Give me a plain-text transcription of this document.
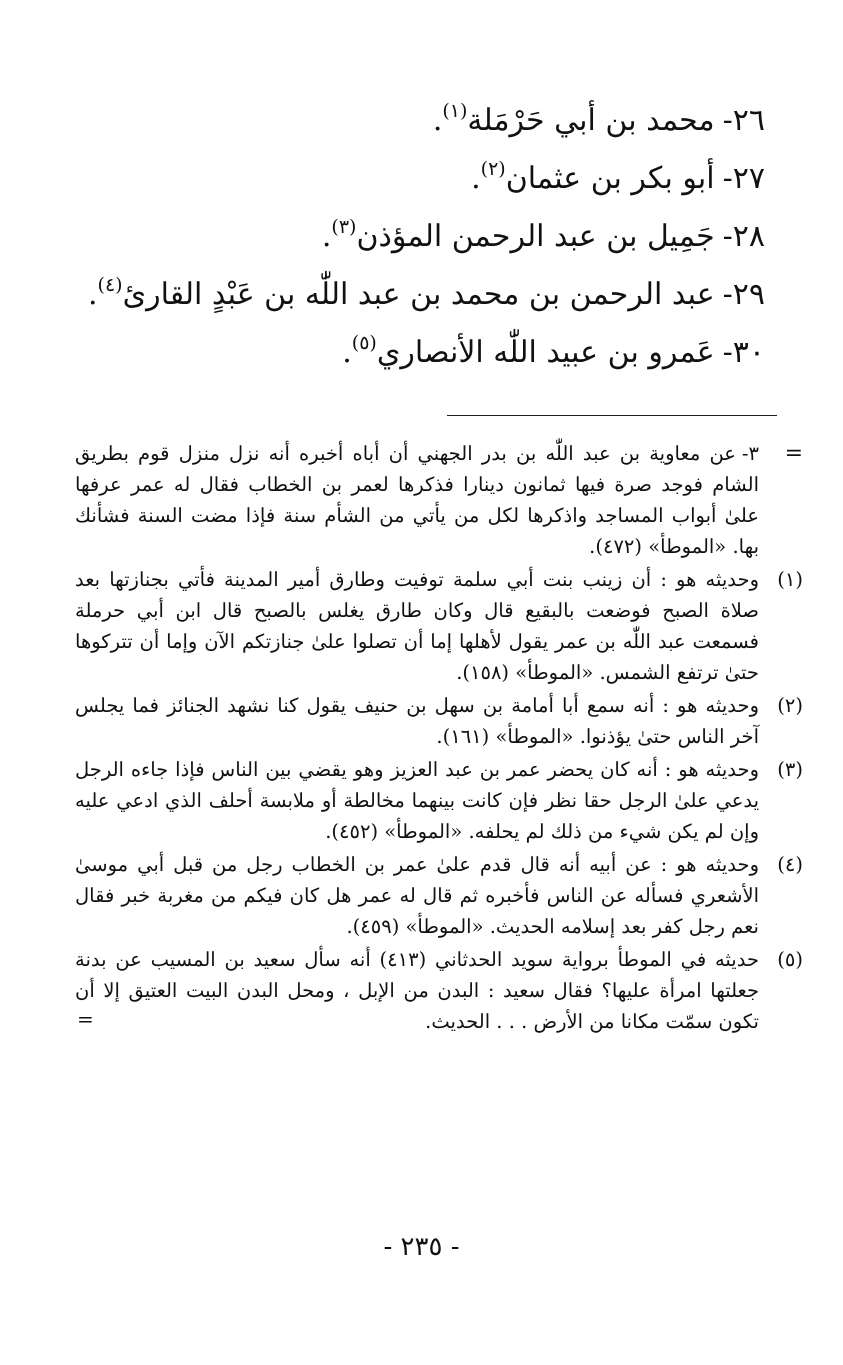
٢٦-محمد بن أبي حَرْمَلة$^{(١)}$.
٢٧-أبو بكر بن عثمان$^{(٢)}$.
٢٨-جَمِيل بن عبد الرحمن المؤذن$^{(٣)}$.
٢٩-عبد الرحمن بن محمد بن عبد اللّٰه بن عَبْدٍ القارئ$^{(٤)}$.
٣٠-عَمرو بن عبيد اللّٰه الأنصاري$^{(٥)}$.
=
٣-عن معاوية بن عبد اللّٰه بن بدر الجهني أن أباه أخبره أنه نزل منزل قوم بطريق الشام فوجد صرة فيها ثمانون دينارا فذكرها لعمر بن الخطاب فقال له عمر عرفها علىٰ أبواب المساجد واذكرها لكل من يأتي من الشأم سنة فإذا مضت السنة فشأنك بها. «الموطأ» (٤٧٢).
(١)
وحديثه هو : أن زينب بنت أبي سلمة توفيت وطارق أمير المدينة فأتي بجنازتها بعد صلاة الصبح فوضعت بالبقيع قال وكان طارق يغلس بالصبح قال ابن أبي حرملة فسمعت عبد اللّٰه بن عمر يقول لأهلها إما أن تصلوا علىٰ جنازتكم الآن وإما أن تتركوها حتىٰ ترتفع الشمس. «الموطأ» (١٥٨).
(٢)
وحديثه هو : أنه سمع أبا أمامة بن سهل بن حنيف يقول كنا نشهد الجنائز فما يجلس آخر الناس حتىٰ يؤذنوا. «الموطأ» (١٦١).
(٣)
وحديثه هو : أنه كان يحضر عمر بن عبد العزيز وهو يقضي بين الناس فإذا جاءه الرجل يدعي علىٰ الرجل حقا نظر فإن كانت بينهما مخالطة أو ملابسة أحلف الذي ادعي عليه وإن لم يكن شيء من ذلك لم يحلفه. «الموطأ» (٤٥٢).
(٤)
وحديثه هو : عن أبيه أنه قال قدم علىٰ عمر بن الخطاب رجل من قبل أبي موسىٰ الأشعري فسأله عن الناس فأخبره ثم قال له عمر هل كان فيكم من مغربة خبر فقال نعم رجل كفر بعد إسلامه الحديث. «الموطأ» (٤٥٩).
(٥)
حديثه في الموطأ برواية سويد الحدثاني (٤١٣) أنه سأل سعيد بن المسيب عن بدنة جعلتها امرأة عليها؟ فقال سعيد : البدن من الإبل ، ومحل البدن البيت العتيق إلا أن تكون سمّت مكانا من الأرض . . . الحديث.
=
- ٢٣٥ -
